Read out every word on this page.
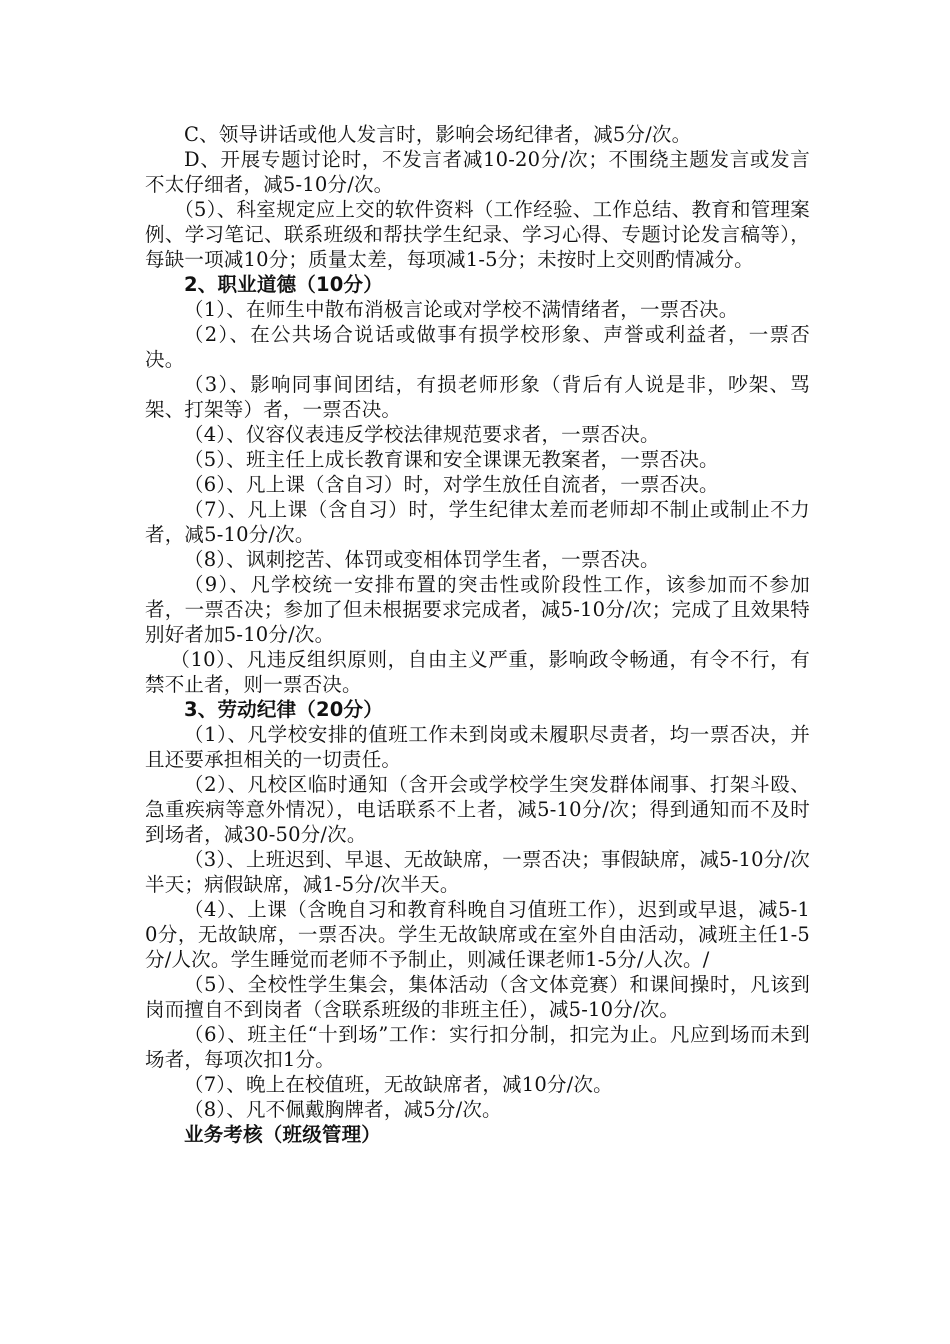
C、领导讲话或他人发言时，影响会场纪律者，减5分/次。

D、开展专题讨论时，不发言者减10-20分/次；不围绕主题发言或发言不太仔细者，减5-10分/次。

（5）、科室规定应上交的软件资料（工作经验、工作总结、教育和管理案例、学习笔记、联系班级和帮扶学生纪录、学习心得、专题讨论发言稿等），每缺一项减10分；质量太差，每项减1-5分；未按时上交则酌情减分。

2、职业道德（10分）

（1）、在师生中散布消极言论或对学校不满情绪者，一票否决。

（2）、在公共场合说话或做事有损学校形象、声誉或利益者，一票否决。

（3）、影响同事间团结，有损老师形象（背后有人说是非，吵架、骂架、打架等）者，一票否决。

（4）、仪容仪表违反学校法律规范要求者，一票否决。

（5）、班主任上成长教育课和安全课课无教案者，一票否决。

（6）、凡上课（含自习）时，对学生放任自流者，一票否决。

（7）、凡上课（含自习）时，学生纪律太差而老师却不制止或制止不力者，减5-10分/次。

（8）、讽刺挖苦、体罚或变相体罚学生者，一票否决。

（9）、凡学校统一安排布置的突击性或阶段性工作，该参加而不参加者，一票否决；参加了但未根据要求完成者，减5-10分/次；完成了且效果特别好者加5-10分/次。

（10）、凡违反组织原则，自由主义严重，影响政令畅通，有令不行，有禁不止者，则一票否决。

3、劳动纪律（20分）

（1）、凡学校安排的值班工作未到岗或未履职尽责者，均一票否决，并且还要承担相关的一切责任。

（2）、凡校区临时通知（含开会或学校学生突发群体闹事、打架斗殴、急重疾病等意外情况），电话联系不上者，减5-10分/次；得到通知而不及时到场者，减30-50分/次。

（3）、上班迟到、早退、无故缺席，一票否决；事假缺席，减5-10分/次半天；病假缺席，减1-5分/次半天。

（4）、上课（含晚自习和教育科晚自习值班工作），迟到或早退，减5-10分，无故缺席，一票否决。学生无故缺席或在室外自由活动，减班主任1-5分/人次。学生睡觉而老师不予制止，则减任课老师1-5分/人次。/

（5）、全校性学生集会，集体活动（含文体竞赛）和课间操时，凡该到岗而擅自不到岗者（含联系班级的非班主任），减5-10分/次。

（6）、班主任“十到场”工作：实行扣分制，扣完为止。凡应到场而未到场者，每项次扣1分。

（7）、晚上在校值班，无故缺席者，减10分/次。

（8）、凡不佩戴胸牌者，减5分/次。

业务考核（班级管理）
